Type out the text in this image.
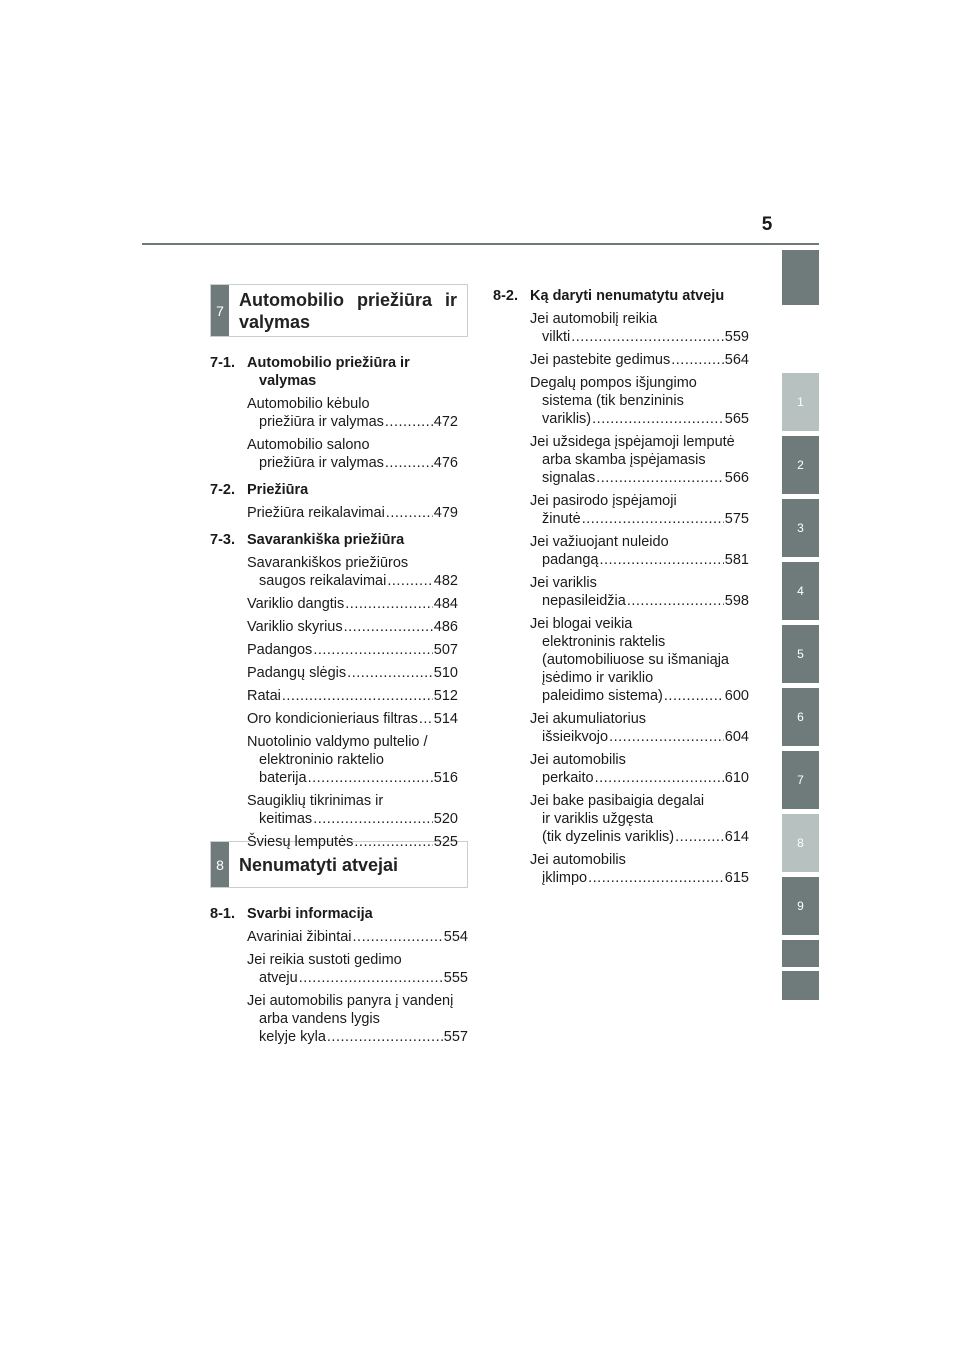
5
1
2
3
4
5
6
7
8
9
7
Automobilio priežiūra ir valymas
8 Nenumatyti atvejai
7-1. Automobilio priežiūra ir
valymas
Automobilio kėbulo
priežiūra ir valymas .....	472
Automobilio salono
priežiūra ir valymas .....	476
7-2. Priežiūra
Priežiūra reikalavimai .....	479
7-3. Savarankiška priežiūra
Savarankiškos priežiūros
saugos reikalavimai .....	482
Variklio dangtis .....	484
Variklio skyrius .....	486
Padangos .....	507
Padangų slėgis .....	510
Ratai .....	512
Oro kondicionieriaus filtras ..... 514
Nuotolinio valdymo pultelio /
elektroninio raktelio
baterija .....	516
Saugiklių tikrinimas ir
keitimas .....	520
Šviesų lemputės .....	525
8-1. Svarbi informacija
Avariniai žibintai .....	554
Jei reikia sustoti gedimo
atveju .....	555
Jei automobilis panyra į vandenį
arba vandens lygis
kelyje kyla .....	557
8-2. Ką daryti nenumatytu atveju
Jei automobilį reikia
vilkti .....	559
Jei pastebite gedimus .....	564
Degalų pompos išjungimo
sistema (tik benzininis
variklis) .....	565
Jei užsidega įspėjamoji lemputė
arba skamba įspėjamasis
signalas .....	566
Jei pasirodo įspėjamoji
žinutė .....	575
Jei važiuojant nuleido
padangą .....	581
Jei variklis
nepasileidžia .....	598
Jei blogai veikia
elektroninis raktelis
(automobiliuose su išmaniąja
įsėdimo ir variklio
paleidimo sistema) .....	600
Jei akumuliatorius
išsieikvojo .....	604
Jei automobilis
perkaito .....	610
Jei bake pasibaigia degalai
ir variklis užgęsta
(tik dyzelinis variklis) .....	614
Jei automobilis
įklimpo .....	615
